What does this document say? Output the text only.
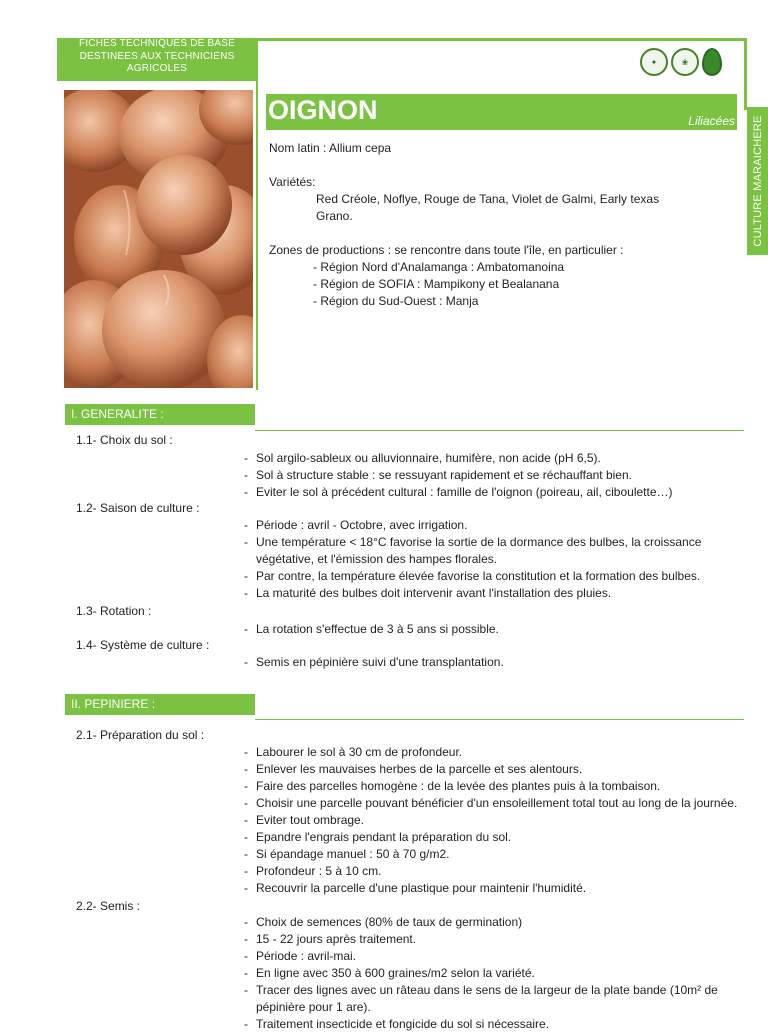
FICHES TECHNIQUES DE BASE
DESTINEES AUX TECHNICIENS
AGRICOLES
✦	❀
OIGNON	Liliacées CULTURE MARAICHERE
Nom latin : Allium cepa
Variétés:
Red Créole, Noflye, Rouge de Tana, Violet de Galmi, Early texas
Grano.
Zones de productions : se rencontre dans toute l'île, en particulier :
- Région Nord d'Analamanga : Ambatomanoina
- Région de SOFIA : Mampikony et Bealanana
- Région du Sud-Ouest : Manja
I. GENERALITE :
1.1- Choix du sol :
- Sol argilo-sableux ou alluvionnaire, humifère, non acide (pH 6,5).
- Sol à structure stable : se ressuyant rapidement et se réchauffant bien.
- Eviter le sol à précédent cultural : famille de l'oignon (poireau, ail, ciboulette…)
1.2- Saison de culture :
- Période : avril - Octobre, avec irrigation.
- Une température < 18°C favorise la sortie de la dormance des bulbes, la croissance
végétative, et l'émission des hampes florales.
- Par contre, la température élevée favorise la constitution et la formation des bulbes.
- La maturité des bulbes doit intervenir avant l'installation des pluies.
1.3- Rotation :
- La rotation s'effectue de 3 à 5 ans si possible.
1.4- Système de culture :
- Semis en pépinière suivi d'une transplantation.
II. PEPINIERE :
2.1- Préparation du sol :
- Labourer le sol à 30 cm de profondeur.
- Enlever les mauvaises herbes de la parcelle et ses alentours.
- Faire des parcelles homogène : de la levée des plantes puis à la tombaison.
- Choisir une parcelle pouvant bénéficier d'un ensoleillement total tout au long de la journée.
- Eviter tout ombrage.
- Epandre l'engrais pendant la préparation du sol.
- Si épandage manuel : 50 à 70 g/m2.
- Profondeur : 5 à 10 cm.
- Recouvrir la parcelle d'une plastique pour maintenir l'humidité.
2.2- Semis :
- Choix de semences (80% de taux de germination)
- 15 - 22 jours après traitement.
- Période : avril-mai.
- En ligne avec 350 à 600 graines/m2 selon la variété.
- Tracer des lignes avec un râteau dans le sens de la largeur de la plate bande (10m² de
pépinière pour 1 are).
- Traitement insecticide et fongicide du sol si nécessaire.
